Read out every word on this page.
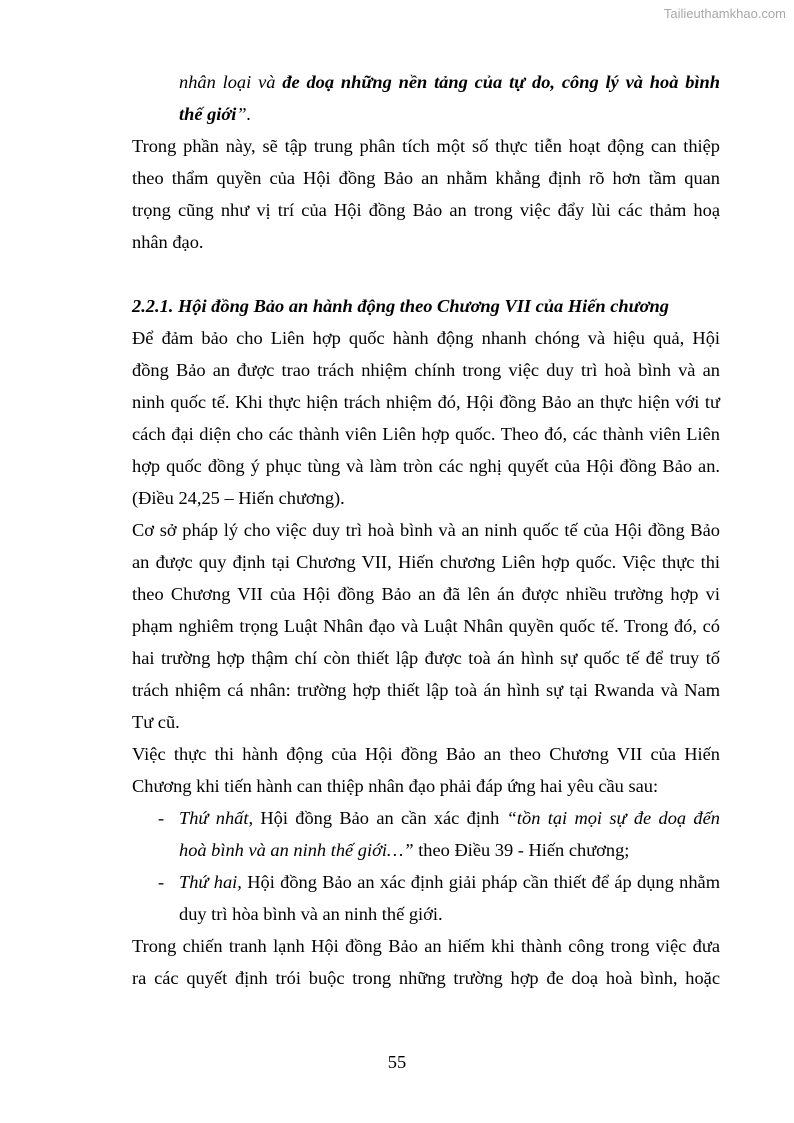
Tailieuthamkhao.com
nhân loại và đe doạ những nền tảng của tự do, công lý và hoà bình
thế giới”.
Trong phần này, sẽ tập trung phân tích một số thực tiễn hoạt động can thiệp
theo thẩm quyền của Hội đồng Bảo an nhằm khẳng định rõ hơn tầm quan
trọng cũng như vị trí của Hội đồng Bảo an trong việc đẩy lùi các thảm hoạ
nhân đạo.
2.2.1. Hội đồng Bảo an hành động theo Chương VII của Hiến chương
Để đảm bảo cho Liên hợp quốc hành động nhanh chóng và hiệu quả, Hội
đồng Bảo an được trao trách nhiệm chính trong việc duy trì hoà bình và an
ninh quốc tế. Khi thực hiện trách nhiệm đó, Hội đồng Bảo an thực hiện với tư
cách đại diện cho các thành viên Liên hợp quốc. Theo đó, các thành viên Liên
hợp quốc đồng ý phục tùng và làm tròn các nghị quyết của Hội đồng Bảo an.
(Điều 24,25 – Hiến chương).
Cơ sở pháp lý cho việc duy trì hoà bình và an ninh quốc tế của Hội đồng Bảo
an được quy định tại Chương VII, Hiến chương Liên hợp quốc. Việc thực thi
theo Chương VII của Hội đồng Bảo an đã lên án được nhiều trường hợp vi
phạm nghiêm trọng Luật Nhân đạo và Luật Nhân quyền quốc tế. Trong đó, có
hai trường hợp thậm chí còn thiết lập được toà án hình sự quốc tế để truy tố
trách nhiệm cá nhân: trường hợp thiết lập toà án hình sự tại Rwanda và Nam
Tư cũ.
Việc thực thi hành động của Hội đồng Bảo an theo Chương VII của Hiến
Chương khi tiến hành can thiệp nhân đạo phải đáp ứng hai yêu cầu sau:
- Thứ nhất, Hội đồng Bảo an cần xác định “tồn tại mọi sự đe doạ đến
hoà bình và an ninh thế giới…” theo Điều 39 - Hiến chương;
- Thứ hai, Hội đồng Bảo an xác định giải pháp cần thiết để áp dụng nhằm
duy trì hòa bình và an ninh thế giới.
Trong chiến tranh lạnh Hội đồng Bảo an hiếm khi thành công trong việc đưa
ra các quyết định trói buộc trong những trường hợp đe doạ hoà bình, hoặc
55
